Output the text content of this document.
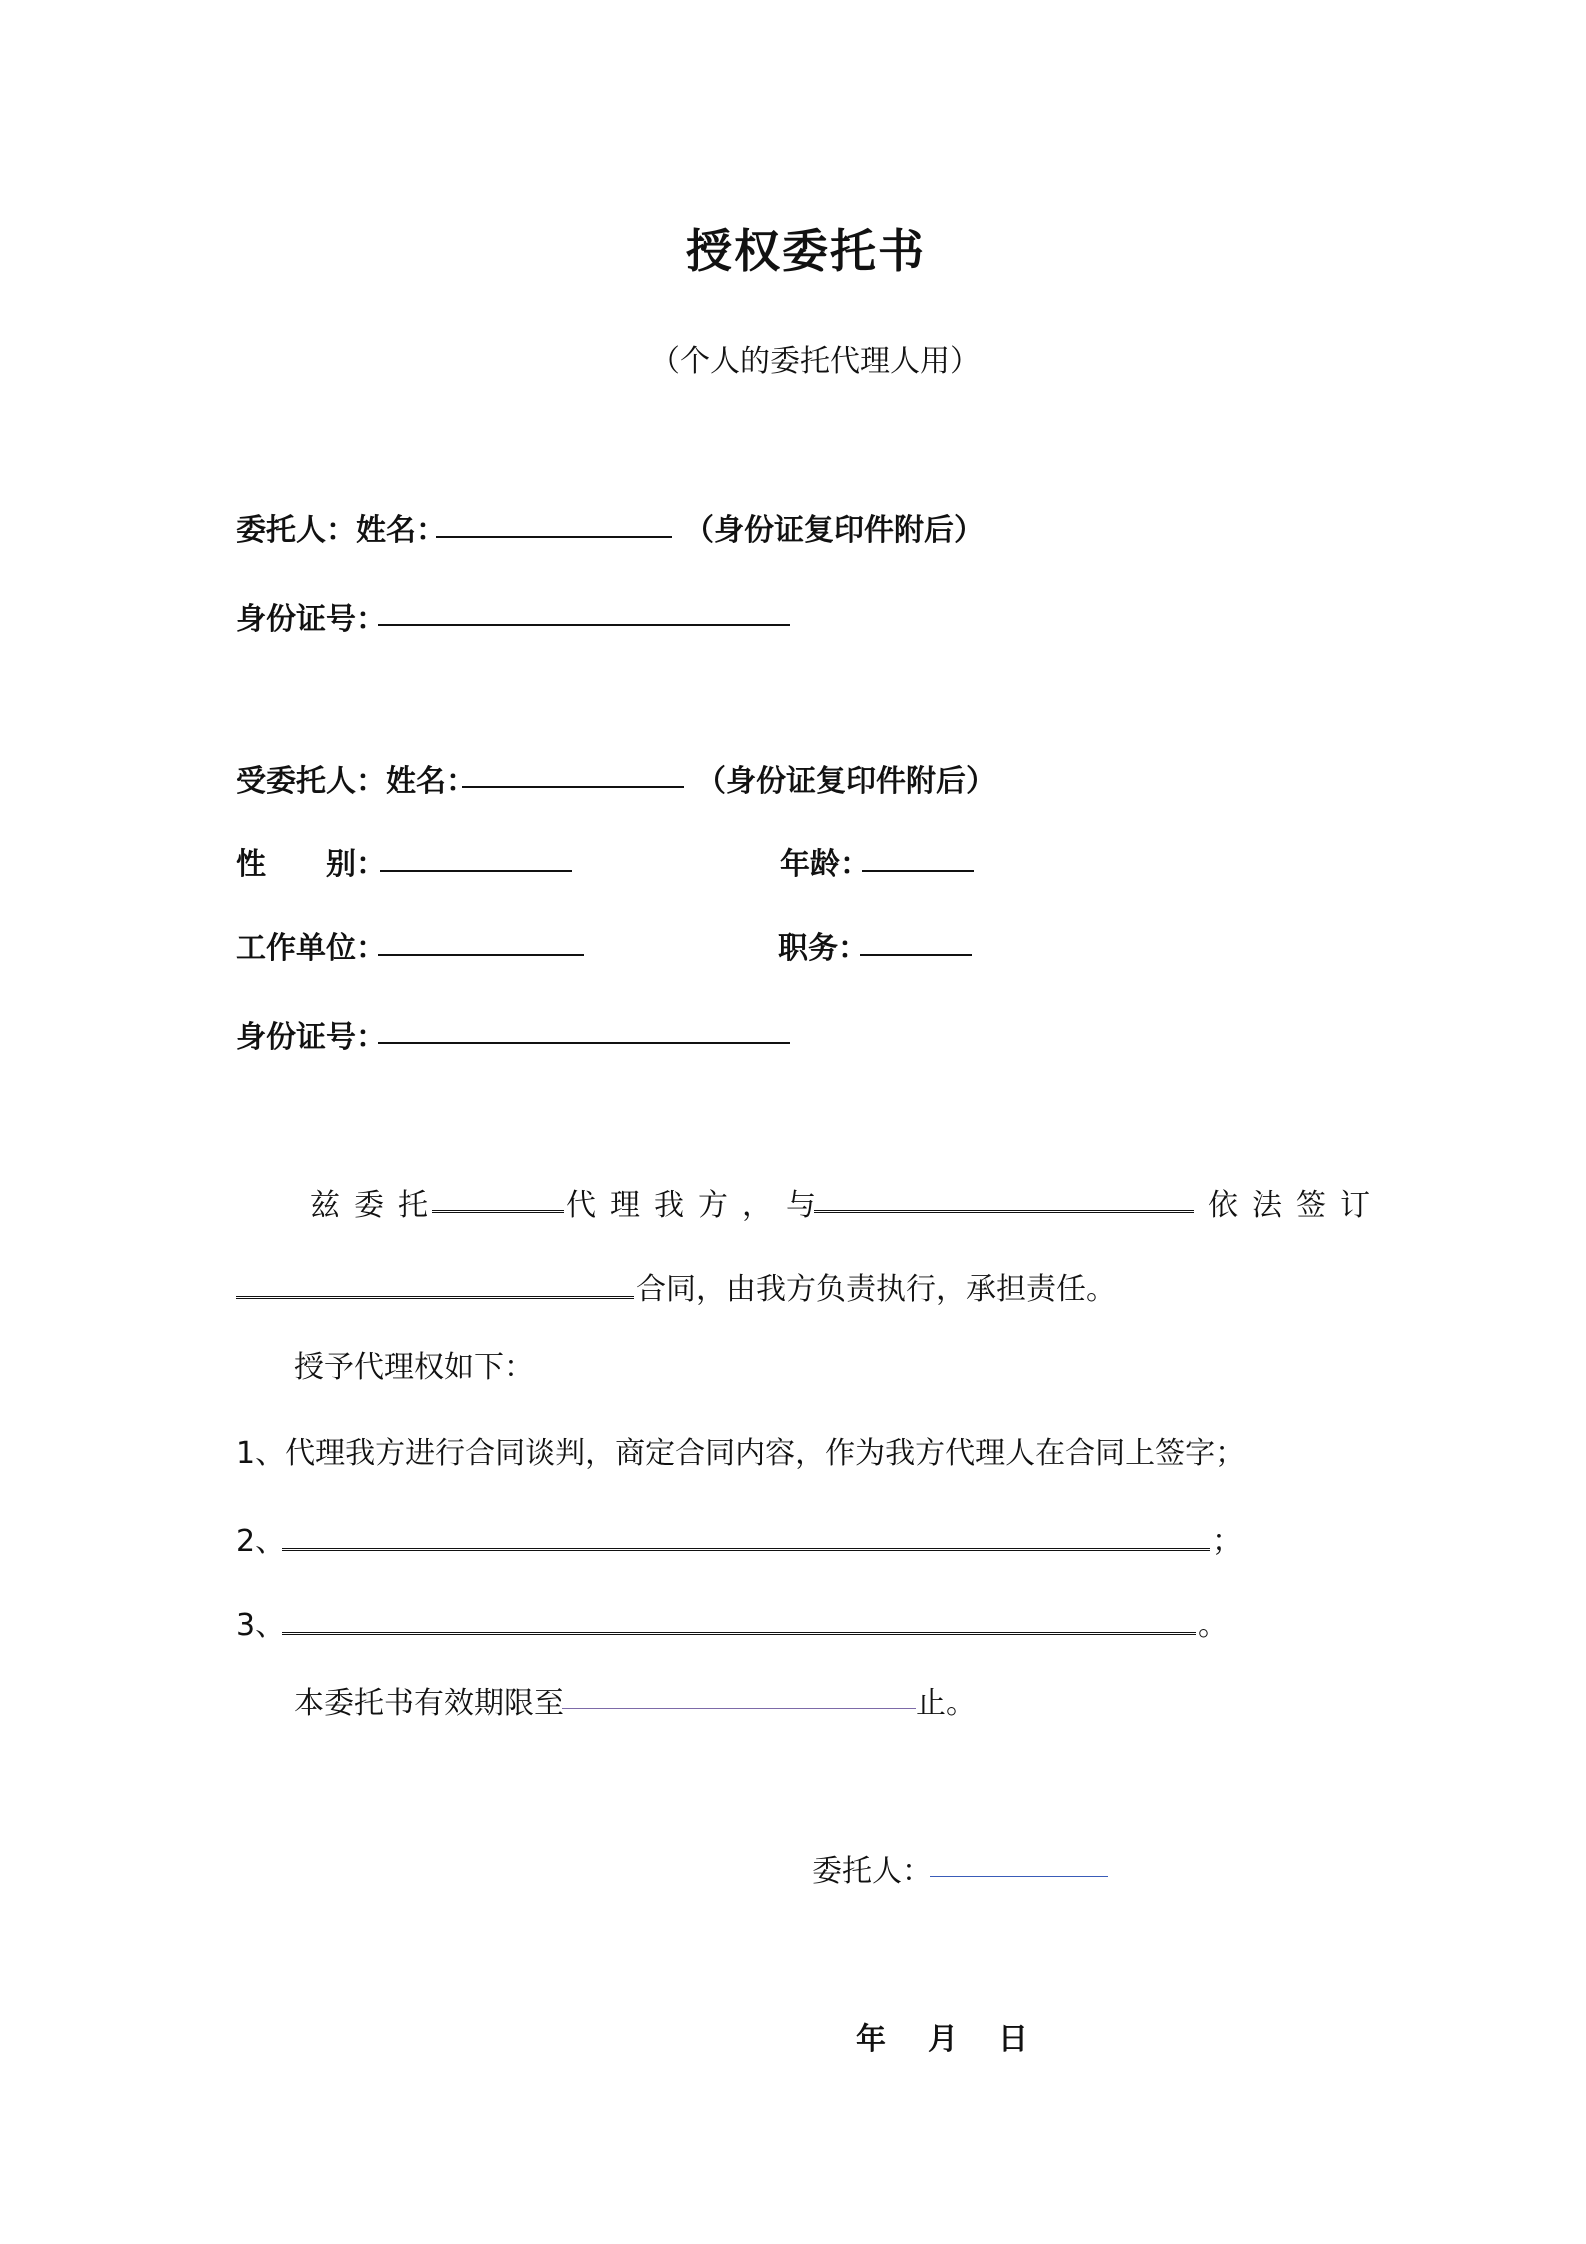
授权委托书
（个人的委托代理人用）
委托人：姓名：	（身份证复印件附后）
身份证号：
受委托人：姓名：	（身份证复印件附后）
性 别：	年龄：
工作单位：	职务：
身份证号：
兹委托	代理我方，与	依法签订
合同，由我方负责执行，承担责任。
授予代理权如下：
1、代理我方进行合同谈判，商定合同内容，作为我方代理人在合同上签字；
2、	；
3、	。
本委托书有效期限至	止。
委托人：
年 月 日
